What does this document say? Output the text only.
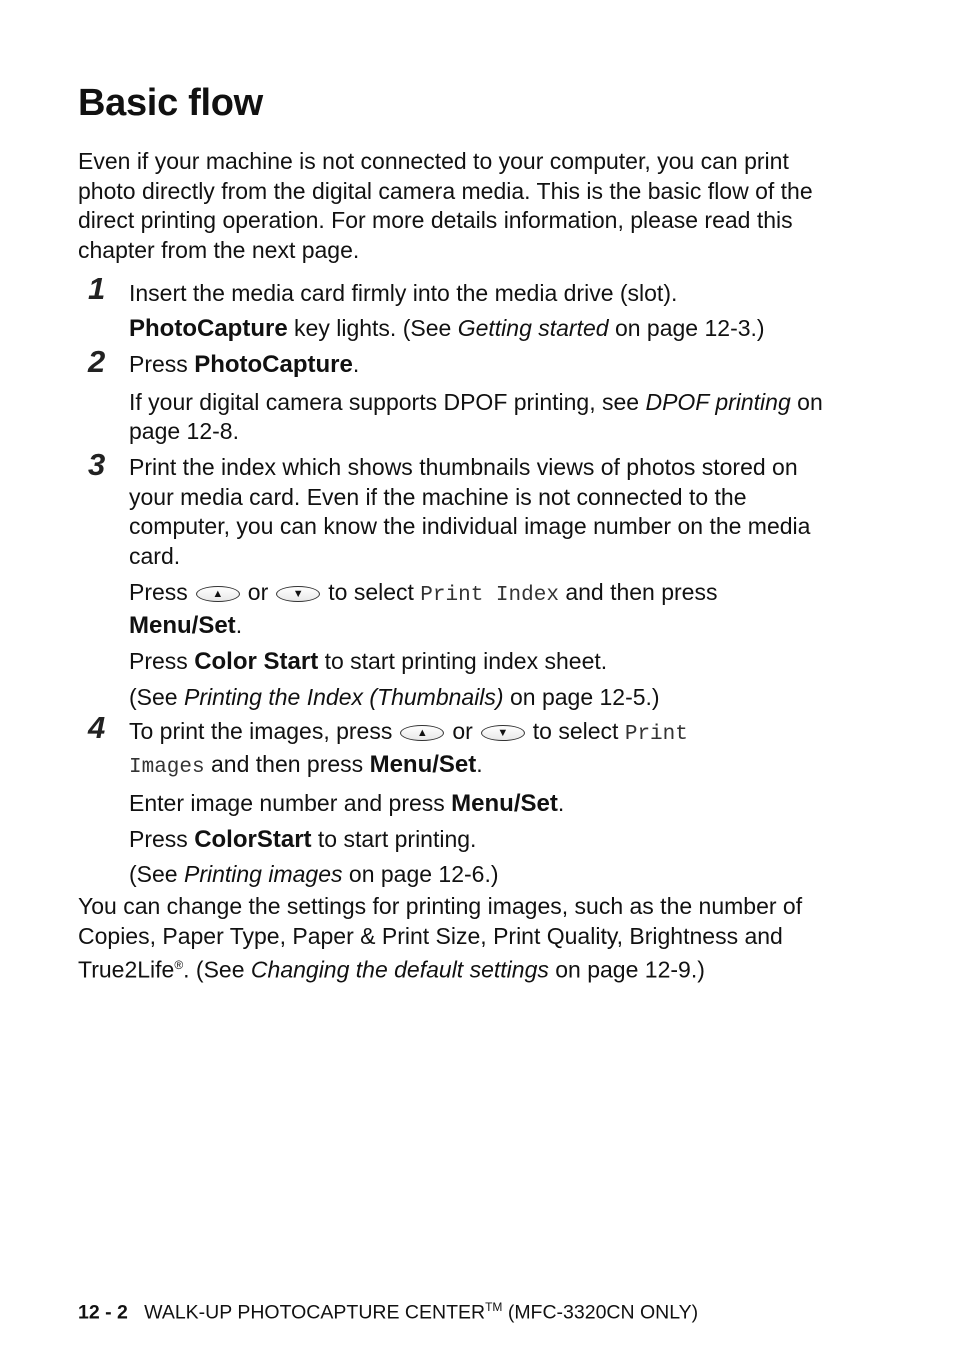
Basic flow

Even if your machine is not connected to your computer, you can print photo directly from the digital camera media. This is the basic flow of the direct printing operation. For more details information, please read this chapter from the next page.

1 Insert the media card firmly into the media drive (slot).

PhotoCapture key lights. (See Getting started on page 12-3.)

2 Press PhotoCapture.

If your digital camera supports DPOF printing, see DPOF printing on page 12-8.

3 Print the index which shows thumbnails views of photos stored on your media card. Even if the machine is not connected to the computer, you can know the individual image number on the media card.

Press	▲	or	▼	to select Print Index and then press
Menu/Set.

Press Color Start to start printing index sheet.

(See Printing the Index (Thumbnails) on page 12-5.)

4 To print the images, press	▲	or	▼	to select Print
Images and then press Menu/Set.

Enter image number and press Menu/Set.

Press ColorStart to start printing.

(See Printing images on page 12-6.)

You can change the settings for printing images, such as the number of Copies, Paper Type, Paper & Print Size, Print Quality, Brightness and True2Life®. (See Changing the default settings on page 12-9.)

12 - 2 WALK-UP PHOTOCAPTURE CENTER™ (MFC-3320CN ONLY)
